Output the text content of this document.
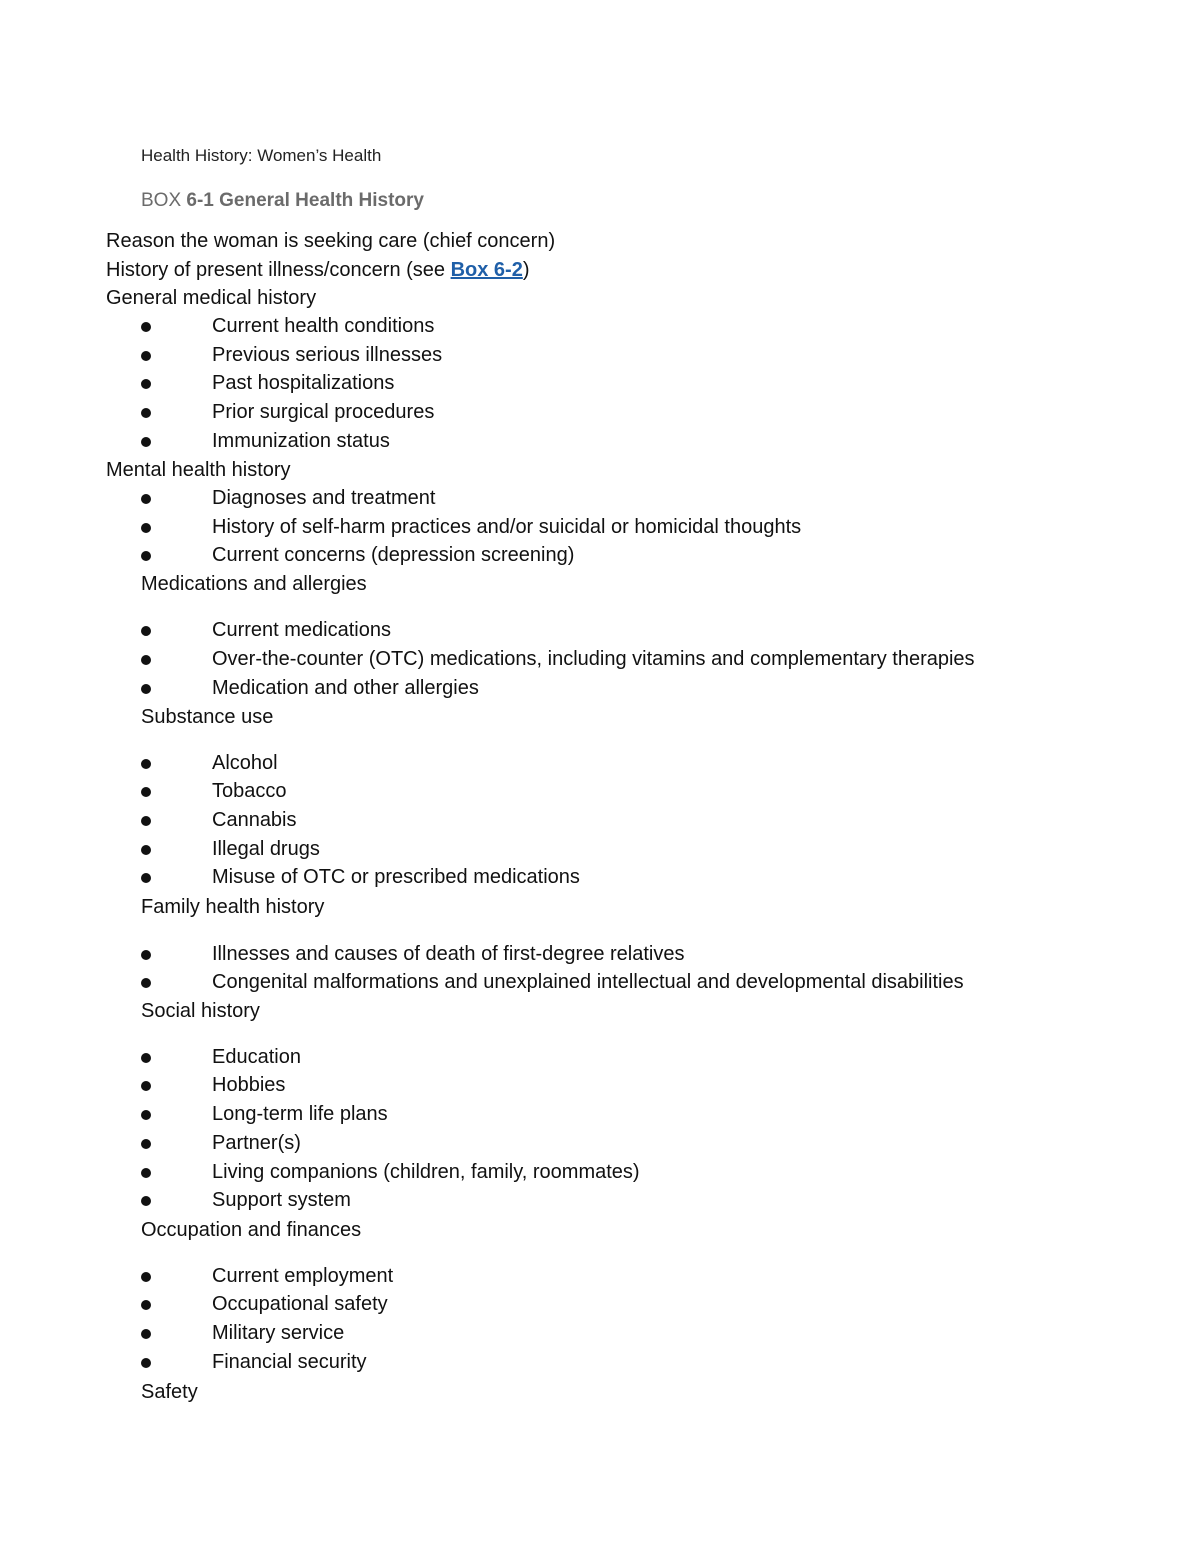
Health History: Women’s Health
BOX 6-1 General Health History
Reason the woman is seeking care (chief concern)
History of present illness/concern (see Box 6-2)
General medical history
Current health conditions
Previous serious illnesses
Past hospitalizations
Prior surgical procedures
Immunization status
Mental health history
Diagnoses and treatment
History of self-harm practices and/or suicidal or homicidal thoughts
Current concerns (depression screening)
Medications and allergies
Current medications
Over-the-counter (OTC) medications, including vitamins and complementary therapies
Medication and other allergies
Substance use
Alcohol
Tobacco
Cannabis
Illegal drugs
Misuse of OTC or prescribed medications
Family health history
Illnesses and causes of death of first-degree relatives
Congenital malformations and unexplained intellectual and developmental disabilities
Social history
Education
Hobbies
Long-term life plans
Partner(s)
Living companions (children, family, roommates)
Support system
Occupation and finances
Current employment
Occupational safety
Military service
Financial security
Safety
